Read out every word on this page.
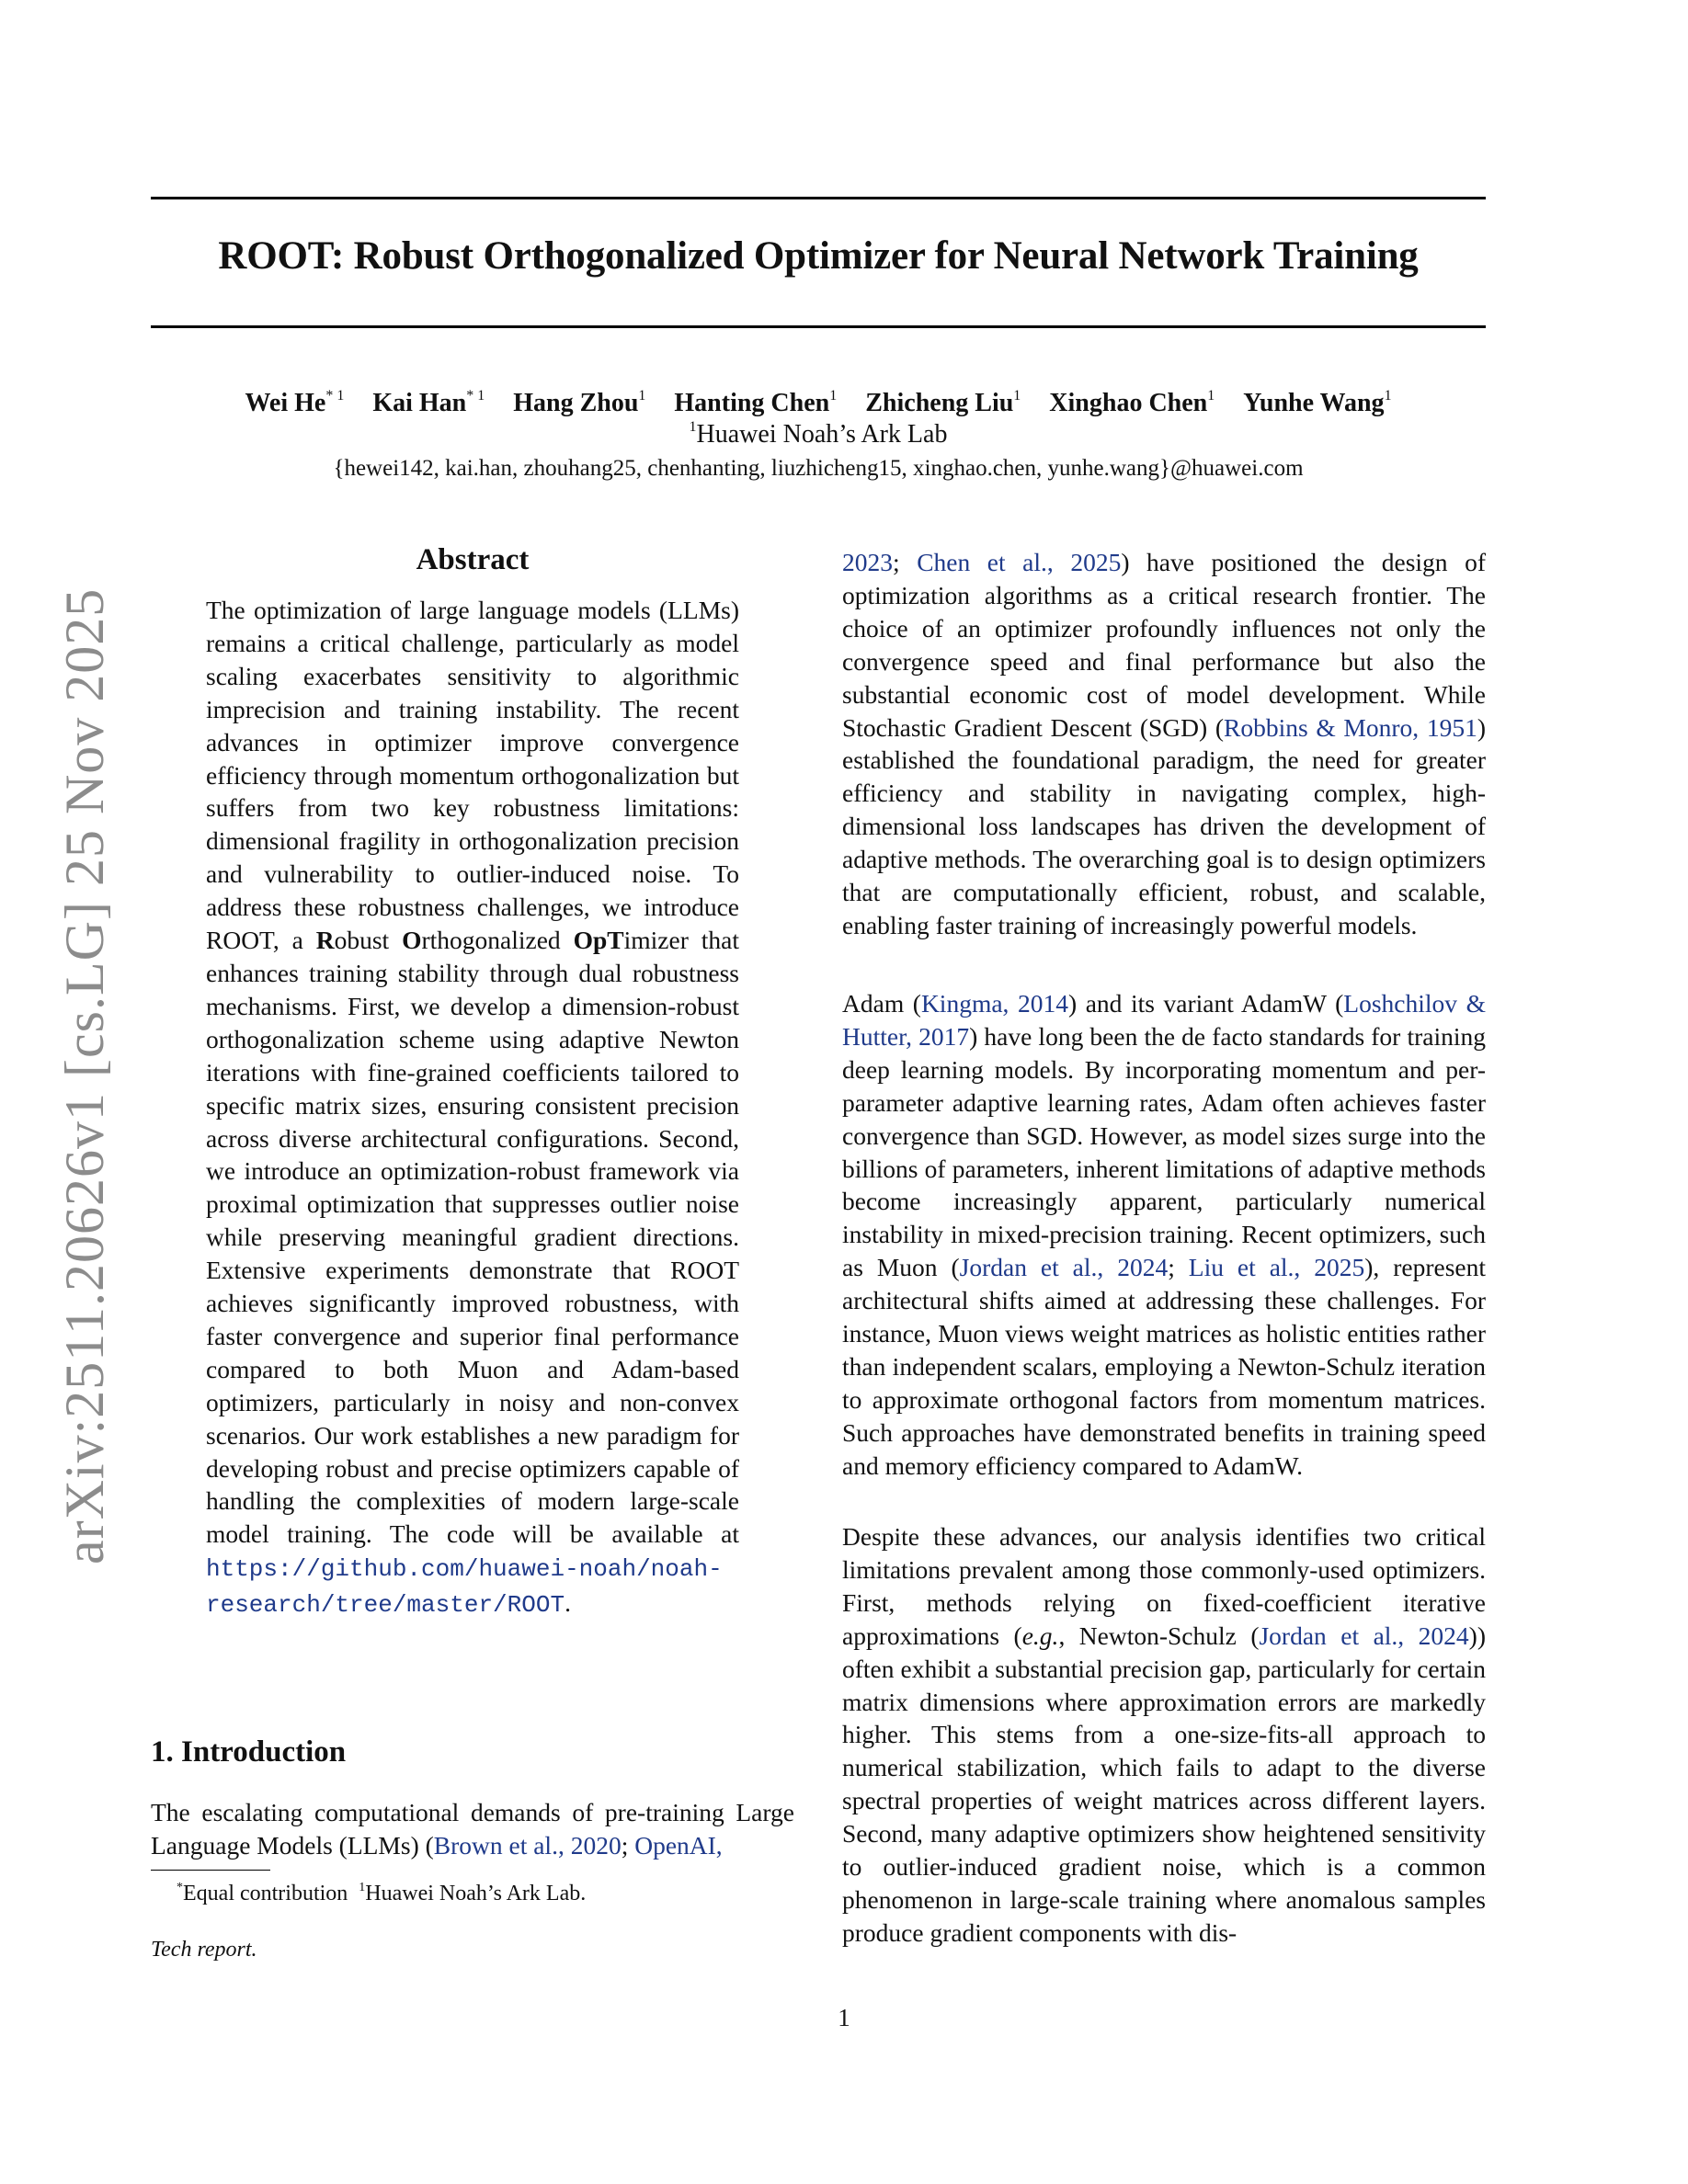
arXiv:2511.20626v1 [cs.LG] 25 Nov 2025
ROOT: Robust Orthogonalized Optimizer for Neural Network Training
Wei He$^{* 1}$ Kai Han$^{* 1}$ Hang Zhou$^1$ Hanting Chen$^1$ Zhicheng Liu$^1$ Xinghao Chen$^1$ Yunhe Wang$^1$
$^1$Huawei Noah’s Ark Lab
{hewei142, kai.han, zhouhang25, chenhanting, liuzhicheng15, xinghao.chen, yunhe.wang}@huawei.com
Abstract

The optimization of large language models (LLMs) remains a critical challenge, particularly as model scaling exacerbates sensitivity to algorithmic imprecision and training instability. The recent advances in optimizer improve convergence efficiency through momentum orthogonalization but suffers from two key robustness limitations: dimensional fragility in orthogonalization precision and vulnerability to outlier-induced noise. To address these robustness challenges, we introduce ROOT, a Robust Orthogonalized OpTimizer that enhances training stability through dual robustness mechanisms. First, we develop a dimension-robust orthogonalization scheme using adaptive Newton iterations with fine-grained coefficients tailored to specific matrix sizes, ensuring consistent precision across diverse architectural configurations. Second, we introduce an optimization-robust framework via proximal optimization that suppresses outlier noise while preserving meaningful gradient directions. Extensive experiments demonstrate that ROOT achieves significantly improved robustness, with faster convergence and superior final performance compared to both Muon and Adam-based optimizers, particularly in noisy and non-convex scenarios. Our work establishes a new paradigm for developing robust and precise optimizers capable of handling the complexities of modern large-scale model training. The code will be available at https://github.com/huawei-noah/noah-research/tree/master/ROOT.

1. Introduction

The escalating computational demands of pre-training Large Language Models (LLMs) (Brown et al., 2020; OpenAI,

*Equal contribution $^1$Huawei Noah’s Ark Lab.
Tech report.

2023; Chen et al., 2025) have positioned the design of optimization algorithms as a critical research frontier. The choice of an optimizer profoundly influences not only the convergence speed and final performance but also the substantial economic cost of model development. While Stochastic Gradient Descent (SGD) (Robbins & Monro, 1951) established the foundational paradigm, the need for greater efficiency and stability in navigating complex, high-dimensional loss landscapes has driven the development of adaptive methods. The overarching goal is to design optimizers that are computationally efficient, robust, and scalable, enabling faster training of increasingly powerful models.

Adam (Kingma, 2014) and its variant AdamW (Loshchilov & Hutter, 2017) have long been the de facto standards for training deep learning models. By incorporating momentum and per-parameter adaptive learning rates, Adam often achieves faster convergence than SGD. However, as model sizes surge into the billions of parameters, inherent limitations of adaptive methods become increasingly apparent, particularly numerical instability in mixed-precision training. Recent optimizers, such as Muon (Jordan et al., 2024; Liu et al., 2025), represent architectural shifts aimed at addressing these challenges. For instance, Muon views weight matrices as holistic entities rather than independent scalars, employing a Newton-Schulz iteration to approximate orthogonal factors from momentum matrices. Such approaches have demonstrated benefits in training speed and memory efficiency compared to AdamW.

Despite these advances, our analysis identifies two critical limitations prevalent among those commonly-used optimizers. First, methods relying on fixed-coefficient iterative approximations (e.g., Newton-Schulz (Jordan et al., 2024)) often exhibit a substantial precision gap, particularly for certain matrix dimensions where approximation errors are markedly higher. This stems from a one-size-fits-all approach to numerical stabilization, which fails to adapt to the diverse spectral properties of weight matrices across different layers. Second, many adaptive optimizers show heightened sensitivity to outlier-induced gradient noise, which is a common phenomenon in large-scale training where anomalous samples produce gradient components with dis-

1
